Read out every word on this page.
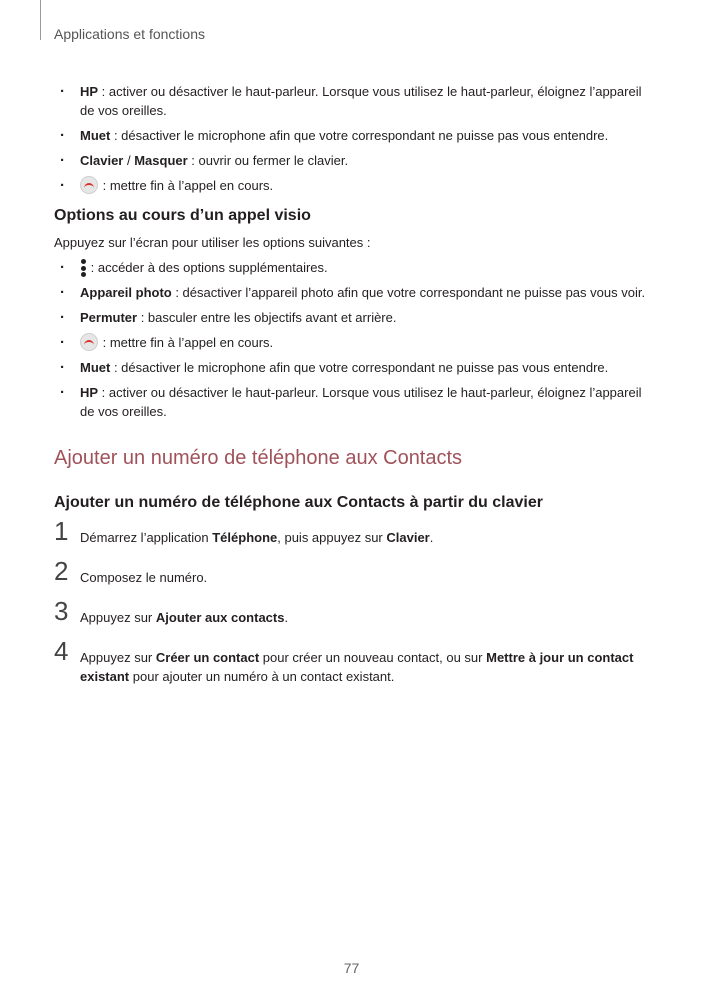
Applications et fonctions
· HP : activer ou désactiver le haut-parleur. Lorsque vous utilisez le haut-parleur, éloignez l’appareil de vos oreilles.
· Muet : désactiver le microphone afin que votre correspondant ne puisse pas vous entendre.
· Clavier / Masquer : ouvrir ou fermer le clavier.
· : mettre fin à l’appel en cours.
Options au cours d’un appel visio

Appuyez sur l’écran pour utiliser les options suivantes :

· : accéder à des options supplémentaires.
· Appareil photo : désactiver l’appareil photo afin que votre correspondant ne puisse pas vous voir.
· Permuter : basculer entre les objectifs avant et arrière.
· : mettre fin à l’appel en cours.
· Muet : désactiver le microphone afin que votre correspondant ne puisse pas vous entendre.
· HP : activer ou désactiver le haut-parleur. Lorsque vous utilisez le haut-parleur, éloignez l’appareil de vos oreilles.
Ajouter un numéro de téléphone aux Contacts
Ajouter un numéro de téléphone aux Contacts à partir du clavier
1 Démarrez l’application Téléphone, puis appuyez sur Clavier.
2 Composez le numéro.
3 Appuyez sur Ajouter aux contacts.
4 Appuyez sur Créer un contact pour créer un nouveau contact, ou sur Mettre à jour un contact existant pour ajouter un numéro à un contact existant.
77
